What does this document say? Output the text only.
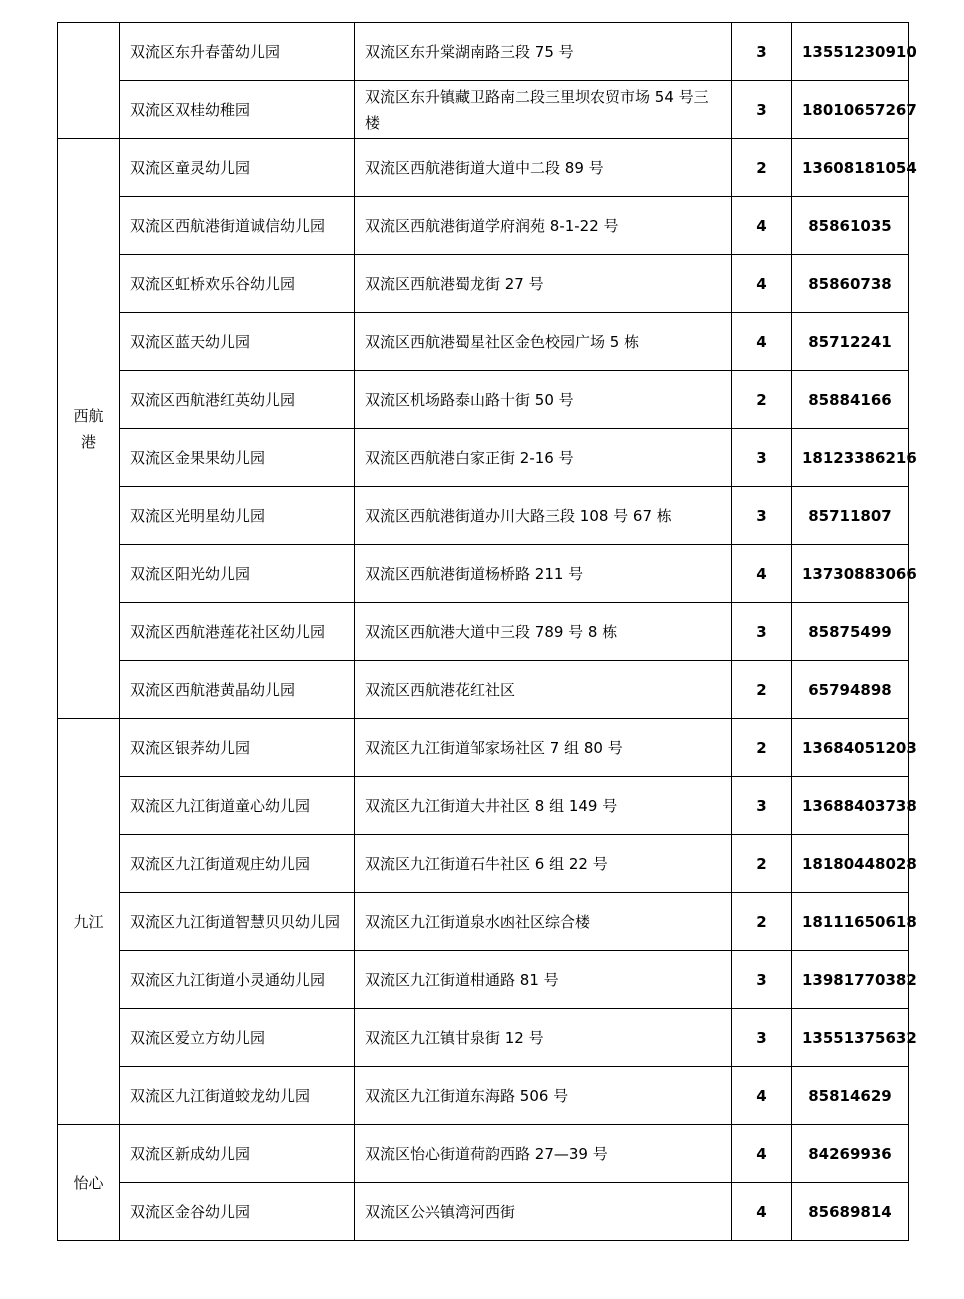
	双流区东升春蕾幼儿园	双流区东升棠湖南路三段 75 号	3	13551230910
	双流区双桂幼稚园	双流区东升镇藏卫路南二段三里坝农贸市场 54 号三楼	3	18010657267
西航港	双流区童灵幼儿园	双流区西航港街道大道中二段 89 号	2	13608181054
	双流区西航港街道诚信幼儿园	双流区西航港街道学府润苑 8-1-22 号	4	85861035
	双流区虹桥欢乐谷幼儿园	双流区西航港蜀龙街 27 号	4	85860738
	双流区蓝天幼儿园	双流区西航港蜀星社区金色校园广场 5 栋	4	85712241
	双流区西航港红英幼儿园	双流区机场路泰山路十街 50 号	2	85884166
	双流区金果果幼儿园	双流区西航港白家正街 2-16 号	3	18123386216
	双流区光明星幼儿园	双流区西航港街道办川大路三段 108 号 67 栋	3	85711807
	双流区阳光幼儿园	双流区西航港街道杨桥路 211 号	4	13730883066
	双流区西航港莲花社区幼儿园	双流区西航港大道中三段 789 号 8 栋	3	85875499
	双流区西航港黄晶幼儿园	双流区西航港花红社区	2	65794898
九江	双流区银荞幼儿园	双流区九江街道邹家场社区 7 组 80 号	2	13684051203
	双流区九江街道童心幼儿园	双流区九江街道大井社区 8 组 149 号	3	13688403738
	双流区九江街道观庄幼儿园	双流区九江街道石牛社区 6 组 22 号	2	18180448028
	双流区九江街道智慧贝贝幼儿园	双流区九江街道泉水凼社区综合楼	2	18111650618
	双流区九江街道小灵通幼儿园	双流区九江街道柑通路 81 号	3	13981770382
	双流区爱立方幼儿园	双流区九江镇甘泉街 12 号	3	13551375632
	双流区九江街道蛟龙幼儿园	双流区九江街道东海路 506 号	4	85814629
怡心	双流区新成幼儿园	双流区怡心街道荷韵西路 27—39 号	4	84269936
	双流区金谷幼儿园	双流区公兴镇湾河西街	4	85689814
